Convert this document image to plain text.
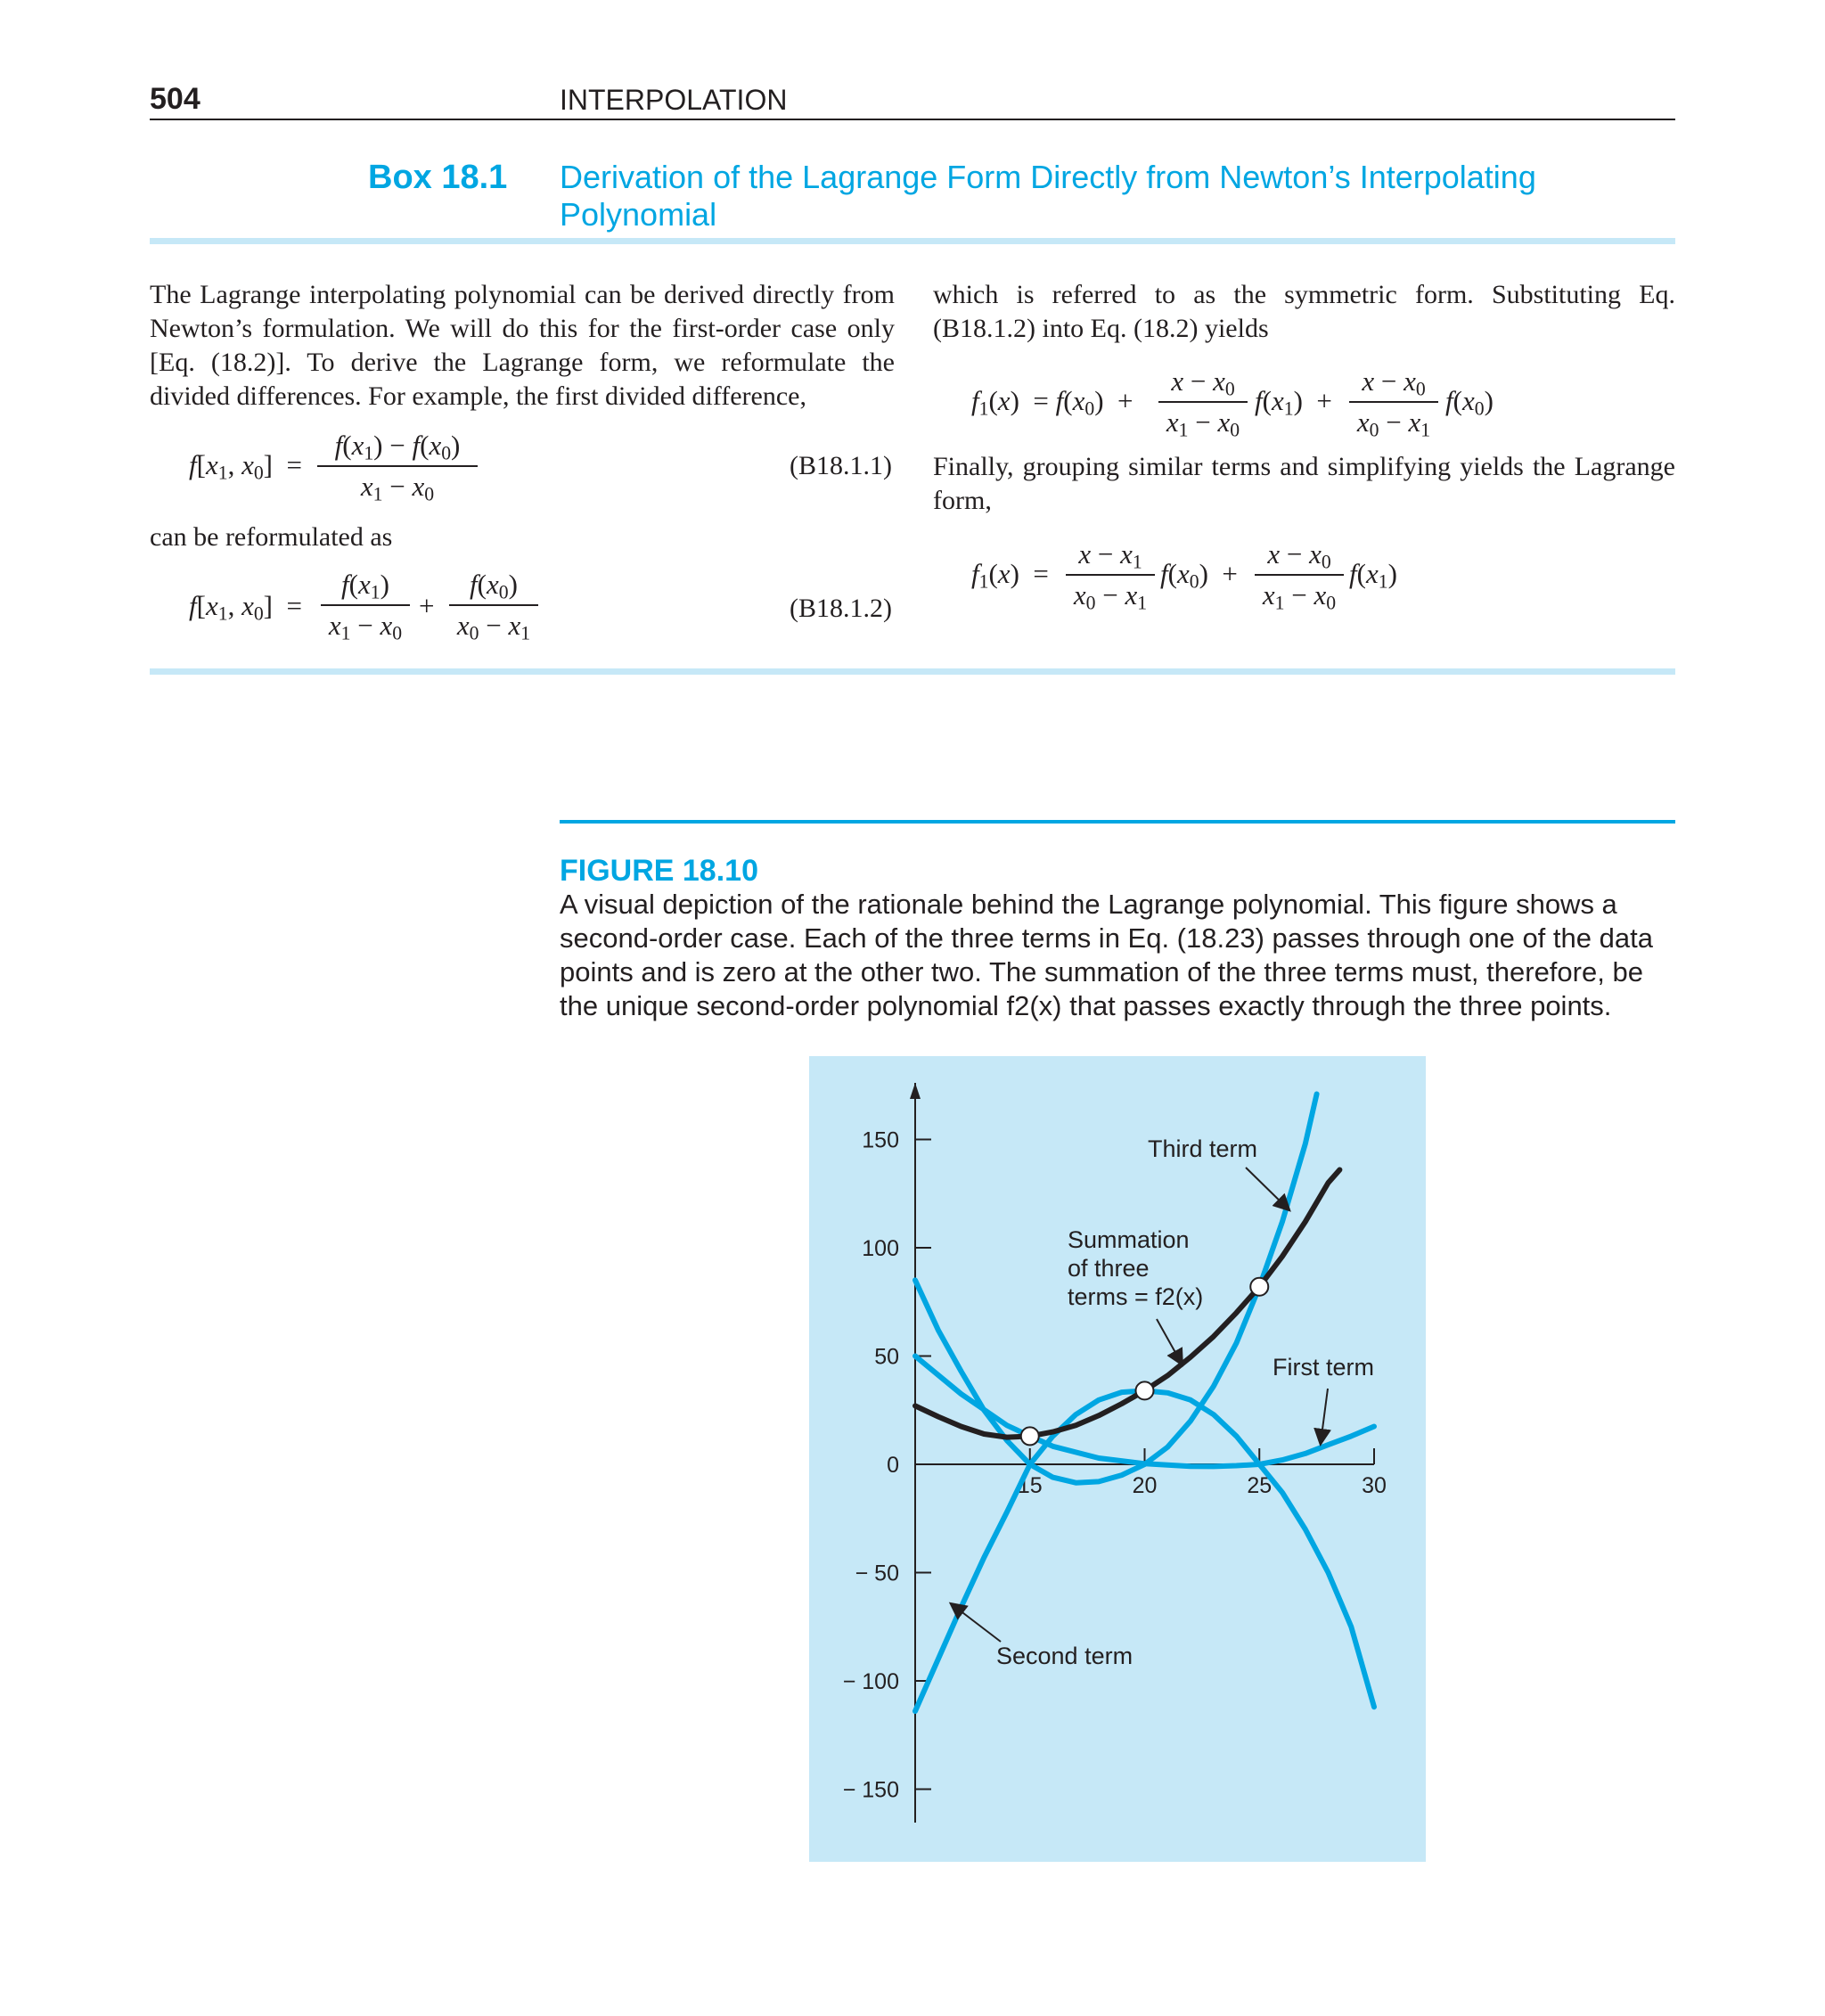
504	INTERPOLATION
Box 18.1 Derivation of the Lagrange Form Directly from Newton’s Interpolating Polynomial
The Lagrange interpolating polynomial can be derived directly from Newton’s formulation. We will do this for the first-order case only [Eq. (18.2)]. To derive the Lagrange form, we reformulate the divided differences. For example, the first divided difference,
$f[x_1$, $x_0$]  =
$f(x_1) - f(x_0)$
$x_1 - x_0$
(B18.1.1)
can be reformulated as
$f[x_1$, $x_0$]  =
$f(x_1)$
$x_1 - x_0$
+
$f(x_0)$
$x_0 - x_1$
(B18.1.2)
which is referred to as the symmetric form. Substituting Eq. (B18.1.2) into Eq. (18.2) yields
$f_1(x) = f(x_0)$  +
$x - x_0$
$x_1 - x_0$
$f(x_1)$  +
$x - x_0$
$x_0 - x_1$
$f(x_0)$
Finally, grouping similar terms and simplifying yields the Lagrange form,
$f_1(x)$  =
$x - x_1$
$x_0 - x_1$
$f(x_0)$  +
$x - x_0$
$x_1 - x_0$
$f(x_1)$
FIGURE 18.10
A visual depiction of the rationale behind the Lagrange polynomial. This figure shows a second-order case. Each of the three terms in Eq. (18.23) passes through one of the data points and is zero at the other two. The summation of the three terms must, therefore, be the unique second-order polynomial f2(x) that passes exactly through the three points.
150
100
50
0
− 50
− 100
− 150
15	20	25	30
Third term
Summation
of three
terms = f2(x)
First term
Second term
